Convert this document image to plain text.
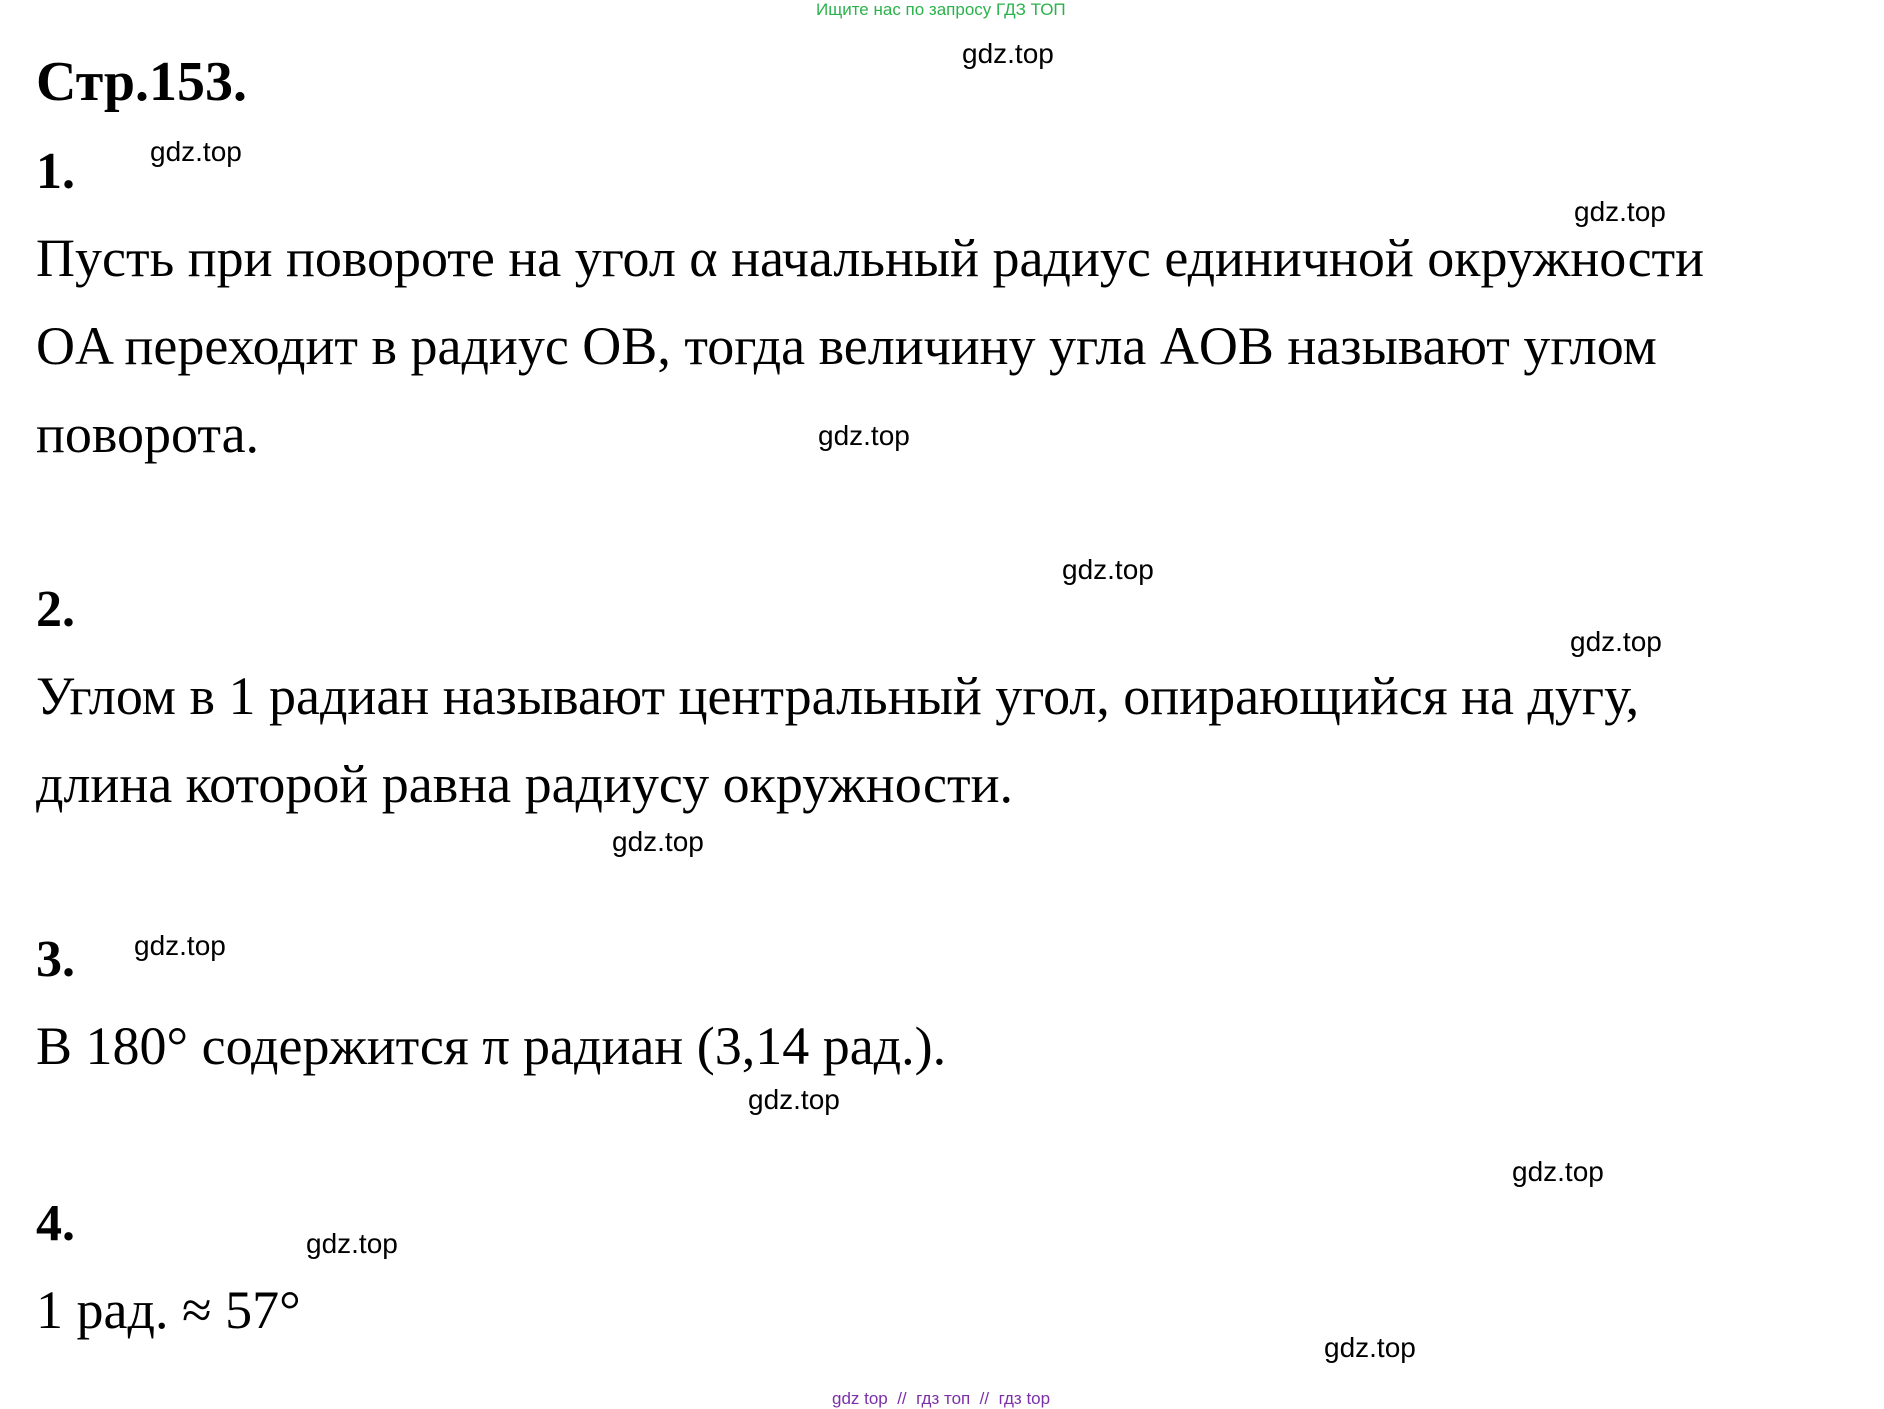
Ищите нас по запросу ГДЗ ТОП
Стр.153.
1.
Пусть при повороте на угол α начальный радиус единичной окружности
OA переходит в радиус OB, тогда величину угла AOB называют углом
поворота.
2.
Углом в 1 радиан называют центральный угол, опирающийся на дугу,
длина которой равна радиусу окружности.
3.
В 180° содержится π радиан (3,14 рад.).
4.
1 рад. ≈ 57°
gdz.top
gdz.top
gdz.top
gdz.top
gdz.top
gdz.top
gdz.top
gdz.top
gdz.top
gdz.top
gdz.top
gdz.top
gdz top  //  гдз топ  //  гдз top
